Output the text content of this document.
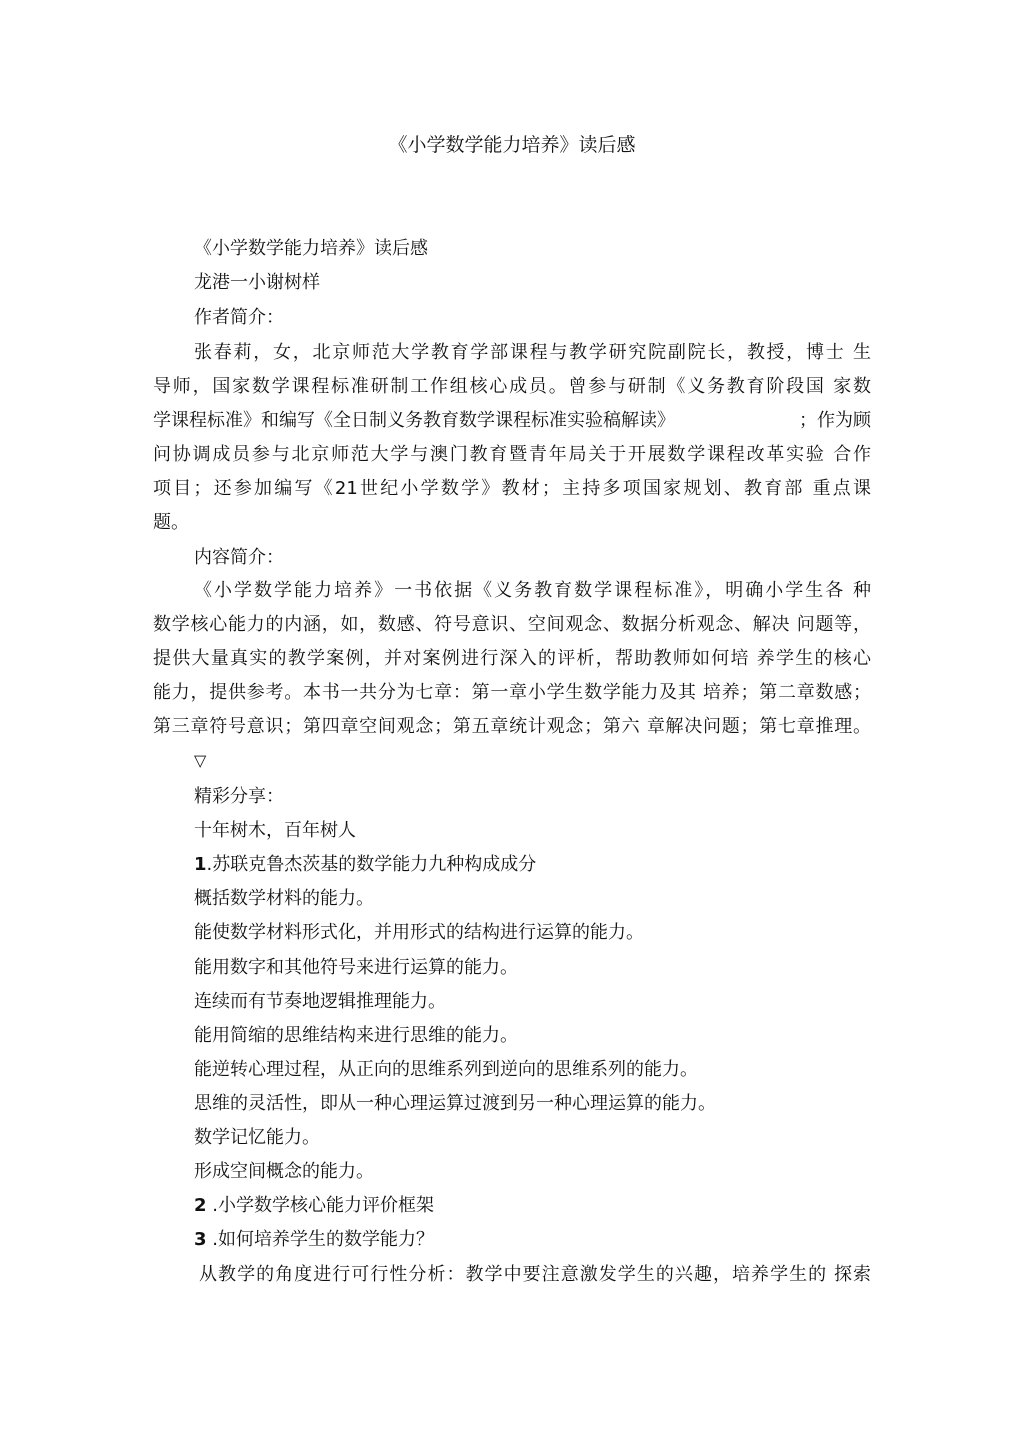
《小学数学能力培养》读后感
《小学数学能力培养》读后感
龙港一小谢树样
作者简介：
张春莉，女，北京师范大学教育学部课程与教学研究院副院长，教授，博士 生
导师，国家数学课程标准研制工作组核心成员。曾参与研制《义务教育阶段国 家数
学课程标准》和编写《全日制义务教育数学课程标准实验稿解读》	；作为顾
问协调成员参与北京师范大学与澳门教育暨青年局关于开展数学课程改革实验 合作
项目；还参加编写《21世纪小学数学》教材；主持多项国家规划、教育部 重点课
题。
内容简介：
《小学数学能力培养》一书依据《义务教育数学课程标准》，明确小学生各 种
数学核心能力的内涵，如，数感、符号意识、空间观念、数据分析观念、解决 问题等，
提供大量真实的教学案例，并对案例进行深入的评析，帮助教师如何培 养学生的核心
能力，提供参考。本书一共分为七章：第一章小学生数学能力及其 培养；第二章数感；
第三章符号意识；第四章空间观念；第五章统计观念；第六 章解决问题；第七章推理。
▽
精彩分享：
十年树木，百年树人
1.苏联克鲁杰茨基的数学能力九种构成成分
概括数学材料的能力。
能使数学材料形式化，并用形式的结构进行运算的能力。
能用数字和其他符号来进行运算的能力。
连续而有节奏地逻辑推理能力。
能用简缩的思维结构来进行思维的能力。
能逆转心理过程，从正向的思维系列到逆向的思维系列的能力。
思维的灵活性，即从一种心理运算过渡到另一种心理运算的能力。
数学记忆能力。
形成空间概念的能力。
2 .小学数学核心能力评价框架
3 .如何培养学生的数学能力？
从教学的角度进行可行性分析：教学中要注意激发学生的兴趣，培养学生的 探索
